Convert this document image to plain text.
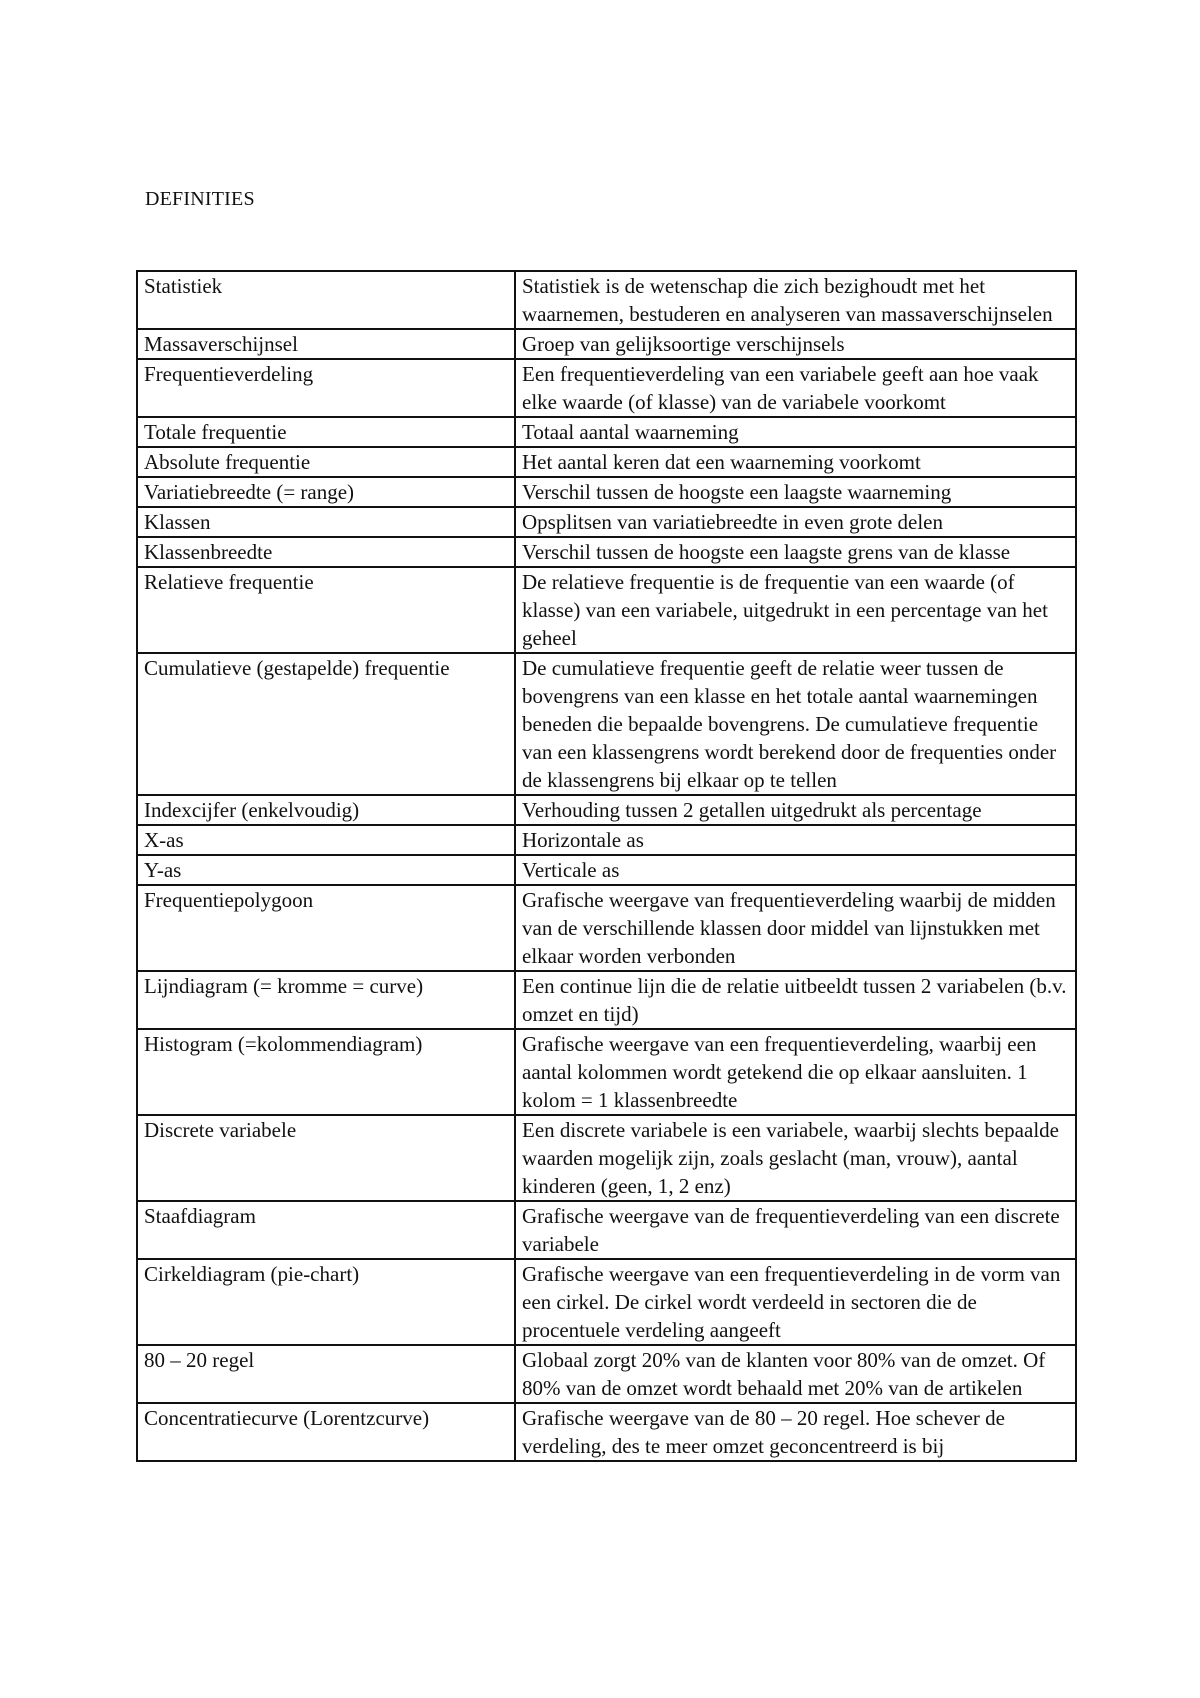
DEFINITIES
Statistiek	Statistiek is de wetenschap die zich bezighoudt met het waarnemen, bestuderen en analyseren van massaverschijnselen
Massaverschijnsel	Groep van gelijksoortige verschijnsels
Frequentieverdeling	Een frequentieverdeling van een variabele geeft aan hoe vaak elke waarde (of klasse) van de variabele voorkomt
Totale frequentie	Totaal aantal waarneming
Absolute frequentie	Het aantal keren dat een waarneming voorkomt
Variatiebreedte (= range)	Verschil tussen de hoogste een laagste waarneming
Klassen	Opsplitsen van variatiebreedte in even grote delen
Klassenbreedte	Verschil tussen de hoogste een laagste grens van de klasse
Relatieve frequentie	De relatieve frequentie is de frequentie van een waarde (of klasse) van een variabele, uitgedrukt in een percentage van het geheel
Cumulatieve (gestapelde) frequentie	De cumulatieve frequentie geeft de relatie weer tussen de bovengrens van een klasse en het totale aantal waarnemingen beneden die bepaalde bovengrens. De cumulatieve frequentie van een klassengrens wordt berekend door de frequenties onder de klassengrens bij elkaar op te tellen
Indexcijfer (enkelvoudig)	Verhouding tussen 2 getallen uitgedrukt als percentage
X-as	Horizontale as
Y-as	Verticale as
Frequentiepolygoon	Grafische weergave van frequentieverdeling waarbij de midden van de verschillende klassen door middel van lijnstukken met elkaar worden verbonden
Lijndiagram (= kromme = curve)	Een continue lijn die de relatie uitbeeldt tussen 2 variabelen (b.v. omzet en tijd)
Histogram (=kolommendiagram)	Grafische weergave van een frequentieverdeling, waarbij een aantal kolommen wordt getekend die op elkaar aansluiten. 1 kolom = 1 klassenbreedte
Discrete variabele	Een discrete variabele is een variabele, waarbij slechts bepaalde waarden mogelijk zijn, zoals geslacht (man, vrouw), aantal kinderen (geen, 1, 2 enz)
Staafdiagram	Grafische weergave van de frequentieverdeling van een discrete variabele
Cirkeldiagram (pie-chart)	Grafische weergave van een frequentieverdeling in de vorm van een cirkel. De cirkel wordt verdeeld in sectoren die de procentuele verdeling aangeeft
80 – 20 regel	Globaal zorgt 20% van de klanten voor 80% van de omzet. Of 80% van de omzet wordt behaald met 20% van de artikelen
Concentratiecurve (Lorentzcurve)	Grafische weergave van de 80 – 20 regel. Hoe schever de verdeling, des te meer omzet geconcentreerd is bij
